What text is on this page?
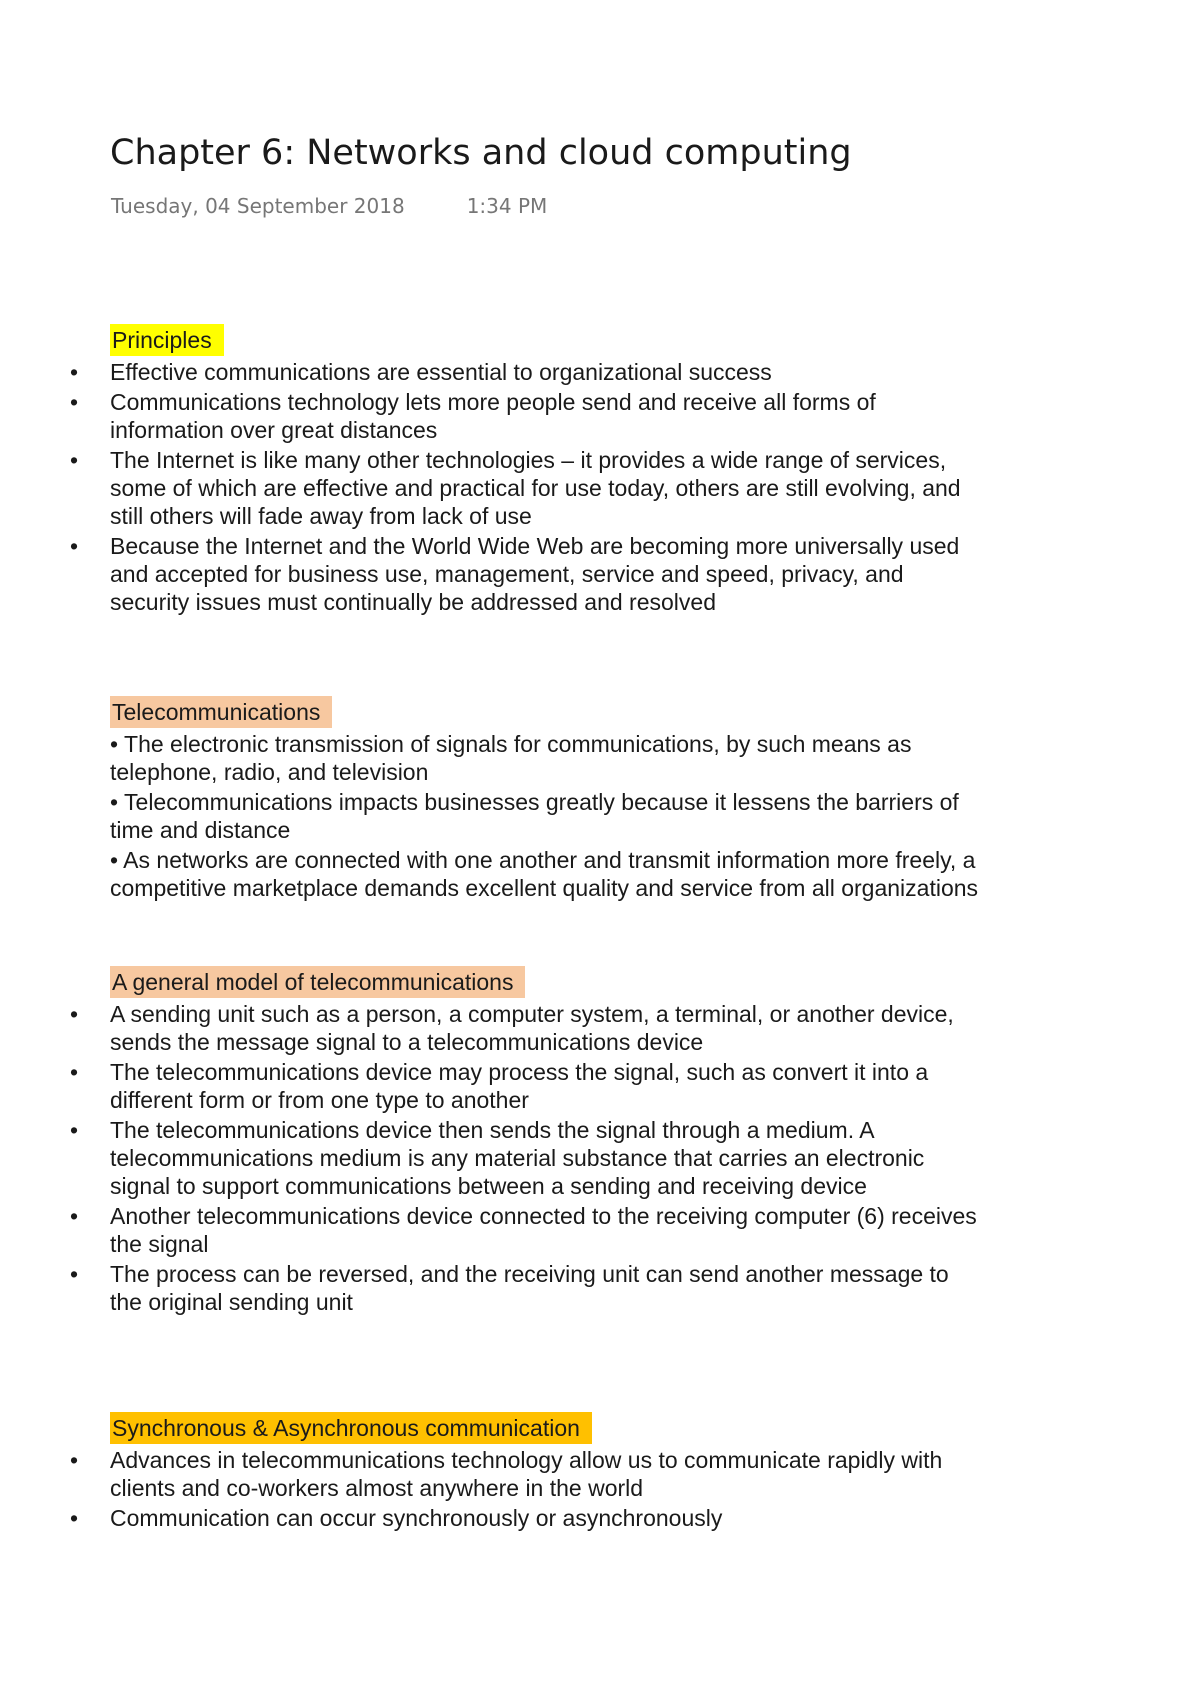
Chapter 6: Networks and cloud computing
Tuesday, 04 September 2018	1:34 PM
Principles
• Effective communications are essential to organizational success
• Communications technology lets more people send and receive all forms of information over great distances
• The Internet is like many other technologies – it provides a wide range of services, some of which are effective and practical for use today, others are still evolving, and still others will fade away from lack of use
• Because the Internet and the World Wide Web are becoming more universally used and accepted for business use, management, service and speed, privacy, and security issues must continually be addressed and resolved
Telecommunications

• The electronic transmission of signals for communications, by such means as telephone, radio, and television

• Telecommunications impacts businesses greatly because it lessens the barriers of time and distance

• As networks are connected with one another and transmit information more freely, a competitive marketplace demands excellent quality and service from all organizations

A general model of telecommunications
• A sending unit such as a person, a computer system, a terminal, or another device, sends the message signal to a telecommunications device
• The telecommunications device may process the signal, such as convert it into a different form or from one type to another
• The telecommunications device then sends the signal through a medium. A telecommunications medium is any material substance that carries an electronic signal to support communications between a sending and receiving device
• Another telecommunications device connected to the receiving computer (6) receives the signal
• The process can be reversed, and the receiving unit can send another message to the original sending unit
Synchronous & Asynchronous communication
• Advances in telecommunications technology allow us to communicate rapidly with clients and co-workers almost anywhere in the world
• Communication can occur synchronously or asynchronously
